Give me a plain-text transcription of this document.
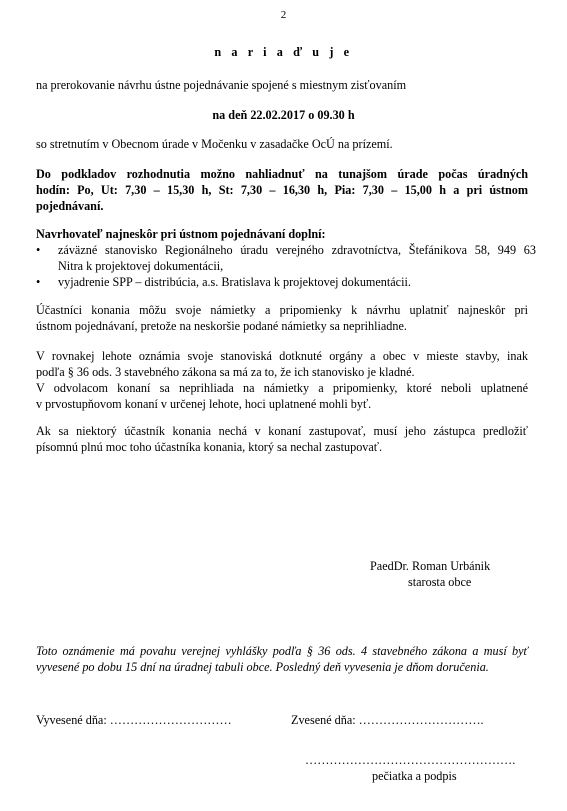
2
n a r i a ď u j e
na prerokovanie návrhu ústne pojednávanie spojené s miestnym zisťovaním
na deň 22.02.2017 o 09.30 h
so stretnutím v Obecnom úrade v Močenku v zasadačke OcÚ na prízemí.
Do podkladov rozhodnutia možno nahliadnuť na tunajšom úrade počas úradných
hodín: Po, Ut: 7,30 – 15,30 h, St: 7,30 – 16,30 h, Pia: 7,30 – 15,00 h a pri ústnom
pojednávaní.
Navrhovateľ najneskôr pri ústnom pojednávaní doplní:
• záväzné stanovisko Regionálneho úradu verejného zdravotníctva, Štefánikova 58, 949 63
Nitra k projektovej dokumentácii,
• vyjadrenie SPP – distribúcia, a.s. Bratislava k projektovej dokumentácii.
Účastníci konania môžu svoje námietky a pripomienky k návrhu uplatniť najneskôr pri
ústnom pojednávaní, pretože na neskoršie podané námietky sa neprihliadne.
V rovnakej lehote oznámia svoje stanoviská dotknuté orgány a obec v mieste stavby, inak
podľa § 36 ods. 3 stavebného zákona sa má za to, že ich stanovisko je kladné.
V odvolacom konaní sa neprihliada na námietky a pripomienky, ktoré neboli uplatnené
v prvostupňovom konaní v určenej lehote, hoci uplatnené mohli byť.
Ak sa niektorý účastník konania nechá v konaní zastupovať, musí jeho zástupca predložiť
písomnú plnú moc toho účastníka konania, ktorý sa nechal zastupovať.
PaedDr. Roman Urbánik
starosta obce
Toto oznámenie má povahu verejnej vyhlášky podľa § 36 ods. 4 stavebného zákona a musí byť
vyvesené po dobu 15 dní na úradnej tabuli obce. Posledný deň vyvesenia je dňom doručenia.
Vyvesené dňa: …………………………	Zvesené dňa: ………………………….
…………………………………………….
pečiatka a podpis
